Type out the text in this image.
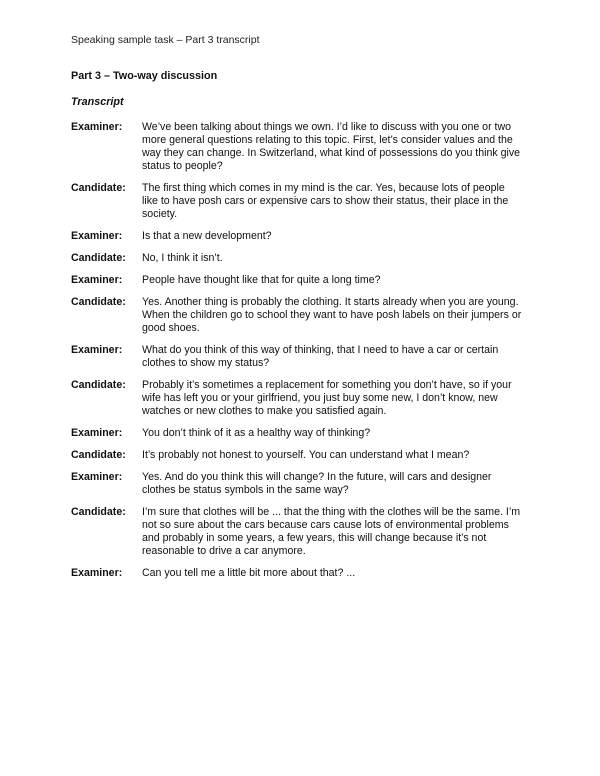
Speaking sample task – Part 3 transcript
Part 3 – Two-way discussion
Transcript
Examiner:	We’ve been talking about things we own. I’d like to discuss with you one or two
more general questions relating to this topic. First, let’s consider values and the
way they can change. In Switzerland, what kind of possessions do you think give
status to people?
Candidate:	The first thing which comes in my mind is the car. Yes, because lots of people
like to have posh cars or expensive cars to show their status, their place in the
society.
Examiner:	Is that a new development?
Candidate:	No, I think it isn’t.
Examiner:	People have thought like that for quite a long time?
Candidate:	Yes. Another thing is probably the clothing. It starts already when you are young.
When the children go to school they want to have posh labels on their jumpers or
good shoes.
Examiner:	What do you think of this way of thinking, that I need to have a car or certain
clothes to show my status?
Candidate:	Probably it’s sometimes a replacement for something you don’t have, so if your
wife has left you or your girlfriend, you just buy some new, I don’t know, new
watches or new clothes to make you satisfied again.
Examiner:	You don’t think of it as a healthy way of thinking?
Candidate:	It’s probably not honest to yourself. You can understand what I mean?
Examiner:	Yes. And do you think this will change? In the future, will cars and designer
clothes be status symbols in the same way?
Candidate:	I’m sure that clothes will be ... that the thing with the clothes will be the same. I’m
not so sure about the cars because cars cause lots of environmental problems
and probably in some years, a few years, this will change because it’s not
reasonable to drive a car anymore.
Examiner:	Can you tell me a little bit more about that? ...
